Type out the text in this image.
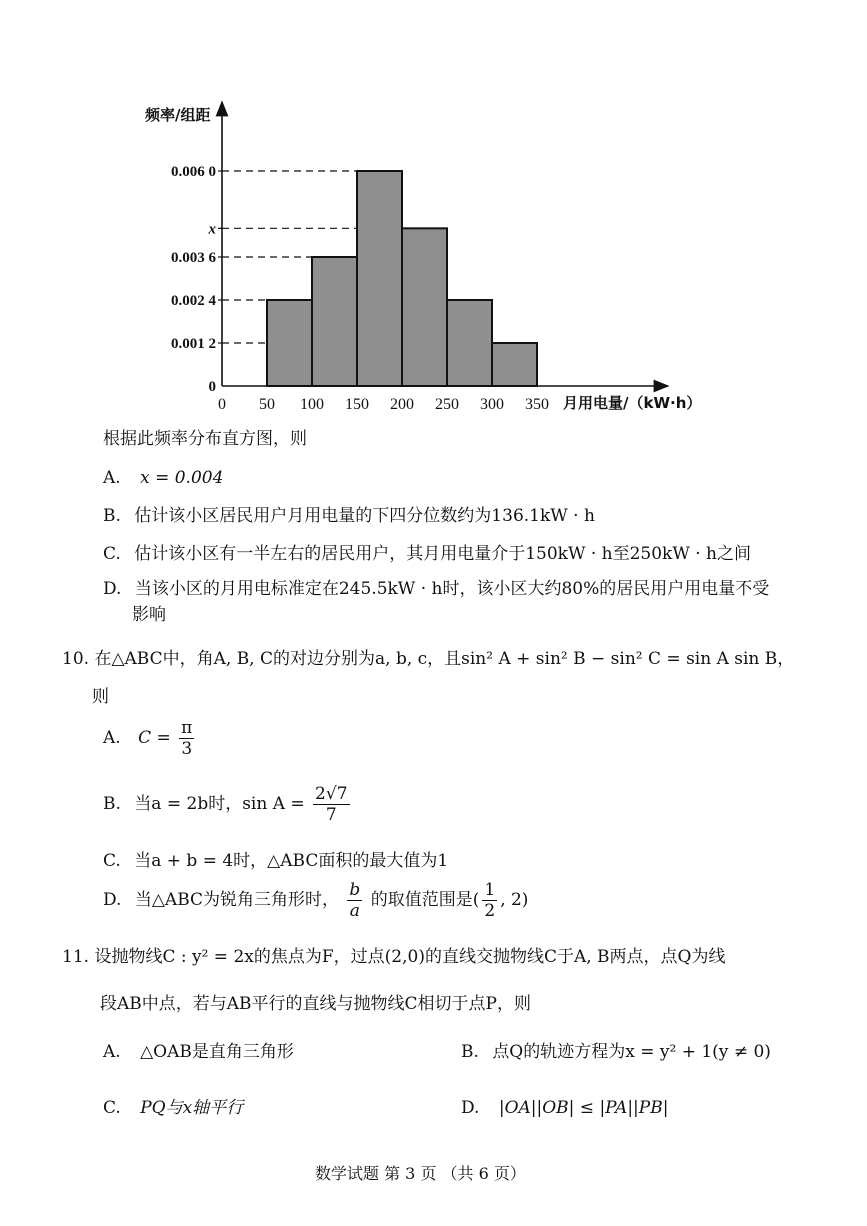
0
0.001 2
0.002 4
0.003 6
x
0.006 0
0 50 100 150 200 250 300 350
频率/组距
月用电量/（kW·h）
根据此频率分布直方图，则
A. x = 0.004
B. 估计该小区居民用户月用电量的下四分位数约为136.1kW · h
C. 估计该小区有一半左右的居民用户，其月用电量介于150kW · h至250kW · h之间
D. 当该小区的月用电标准定在245.5kW · h时，该小区大约80%的居民用户用电量不受
影响
10. 在△ABC中，角A, B, C的对边分别为a, b, c，且sin² A + sin² B − sin² C = sin A sin B，
则
A. $C = \frac{\pi}{3}$
B. 当a = 2b时，$\sin A = \frac{2√7}{7}$
C. 当a + b = 4时，△ABC面积的最大值为1
D. 当△ABC为锐角三角形时， $\frac{b}{a}$ 的取值范围是( $\frac{1}{2}$ , 2)
11. 设抛物线C : y² = 2x的焦点为F，过点(2,0)的直线交抛物线C于A, B两点，点Q为线
段AB中点，若与AB平行的直线与抛物线C相切于点P，则
A. △OAB是直角三角形	B. 点Q的轨迹方程为x = y² + 1(y ≠ 0)
C. PQ与x轴平行	D. |OA||OB| ≤ |PA||PB|
数学试题 第 3 页 （共 6 页）
